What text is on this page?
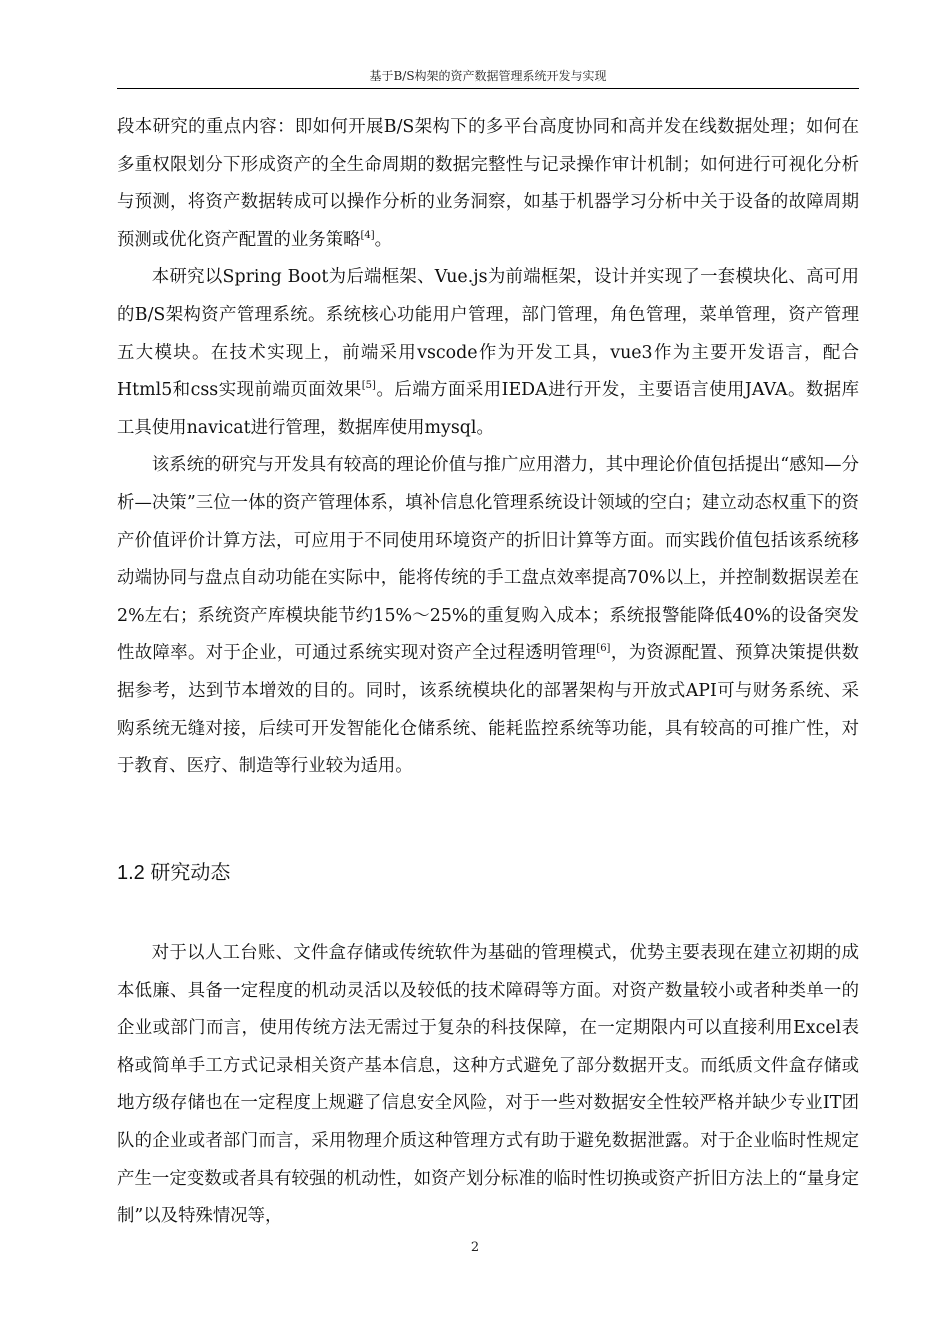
基于B/S构架的资产数据管理系统开发与实现

段本研究的重点内容：即如何开展B/S架构下的多平台高度协同和高并发在线数据处理；如何在多重权限划分下形成资产的全生命周期的数据完整性与记录操作审计机制；如何进行可视化分析与预测，将资产数据转成可以操作分析的业务洞察，如基于机器学习分析中关于设备的故障周期预测或优化资产配置的业务策略[4]。

本研究以Spring Boot为后端框架、Vue.js为前端框架，设计并实现了一套模块化、高可用的B/S架构资产管理系统。系统核心功能用户管理，部门管理，角色管理，菜单管理，资产管理五大模块。在技术实现上，前端采用vscode作为开发工具，vue3作为主要开发语言，配合Html5和css实现前端页面效果[5]。后端方面采用IEDA进行开发，主要语言使用JAVA。数据库工具使用navicat进行管理，数据库使用mysql。

该系统的研究与开发具有较高的理论价值与推广应用潜力，其中理论价值包括提出“感知—分析—决策”三位一体的资产管理体系，填补信息化管理系统设计领域的空白；建立动态权重下的资产价值评价计算方法，可应用于不同使用环境资产的折旧计算等方面。而实践价值包括该系统移动端协同与盘点自动功能在实际中，能将传统的手工盘点效率提高70%以上，并控制数据误差在2%左右；系统资产库模块能节约15%～25%的重复购入成本；系统报警能降低40%的设备突发性故障率。对于企业，可通过系统实现对资产全过程透明管理[6]，为资源配置、预算决策提供数据参考，达到节本增效的目的。同时，该系统模块化的部署架构与开放式API可与财务系统、采购系统无缝对接，后续可开发智能化仓储系统、能耗监控系统等功能，具有较高的可推广性，对于教育、医疗、制造等行业较为适用。

对于以人工台账、文件盒存储或传统软件为基础的管理模式，优势主要表现在建立初期的成本低廉、具备一定程度的机动灵活以及较低的技术障碍等方面。对资产数量较小或者种类单一的企业或部门而言，使用传统方法无需过于复杂的科技保障，在一定期限内可以直接利用Excel表格或简单手工方式记录相关资产基本信息，这种方式避免了部分数据开支。而纸质文件盒存储或地方级存储也在一定程度上规避了信息安全风险，对于一些对数据安全性较严格并缺少专业IT团队的企业或者部门而言，采用物理介质这种管理方式有助于避免数据泄露。对于企业临时性规定产生一定变数或者具有较强的机动性，如资产划分标准的临时性切换或资产折旧方法上的“量身定制”以及特殊情况等，

1.2 研究动态
2
